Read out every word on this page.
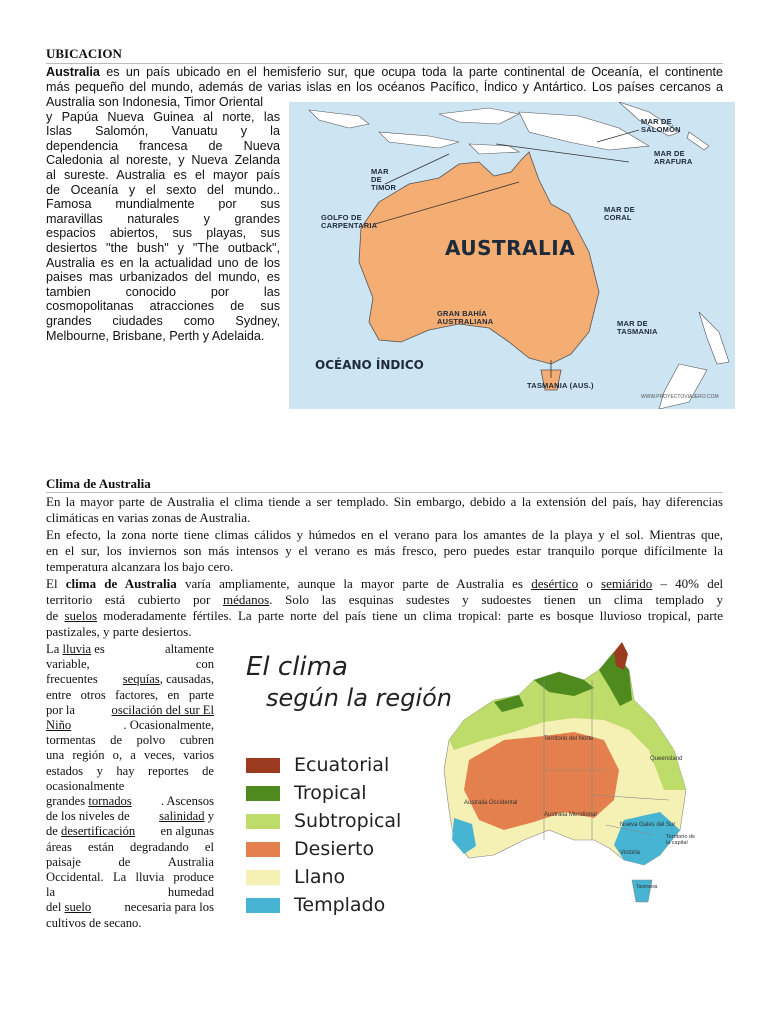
UBICACION
Australia es un país ubicado en el hemisferio sur, que ocupa toda la parte continental de Oceanía, el continente
más pequeño del mundo, además de varias islas en los océanos Pacífico, Índico y Antártico. Los países cercanos a
Australia son Indonesia, Timor Oriental
y Papúa Nueva Guinea al norte, las
Islas Salomón, Vanuatu y la
dependencia francesa de Nueva
Caledonia al noreste, y Nueva Zelanda
al sureste. Australia es el mayor país
de Oceanía y el sexto del mundo..
Famosa mundialmente por sus
maravillas naturales y grandes
espacios abiertos, sus playas, sus
desiertos "the bush" y "The outback",
Australia es en la actualidad uno de los
paises mas urbanizados del mundo, es
tambien conocido por las
cosmopolitanas atracciones de sus
grandes ciudades como Sydney,
Melbourne, Brisbane, Perth y Adelaida.
MAR DE
SALOMÓN
MAR DE
ARAFURA
MAR
DE
TIMOR
GOLFO DE
CARPENTARIA
MAR DE
CORAL
AUSTRALIA
GRAN BAHÍA
AUSTRALIANA	MAR DE
TASMANIA
OCÉANO ÍNDICO
TASMANIA (AUS.)
WWW.PROYECTOVIAJERO.COM
Clima de Australia
En la mayor parte de Australia el clima tiende a ser templado. Sin embargo, debido a la extensión del país, hay diferencias
climáticas en varias zonas de Australia.
En efecto, la zona norte tiene climas cálidos y húmedos en el verano para los amantes de la playa y el sol. Mientras que,
en el sur, los inviernos son más intensos y el verano es más fresco, pero puedes estar tranquilo porque difícilmente la
temperatura alcanzara los bajo cero.
El clima de Australia varía ampliamente, aunque la mayor parte de Australia es desértico o semiárido – 40% del
territorio está cubierto por médanos. Solo las esquinas sudestes y sudoestes tienen un clima templado y
de suelos moderadamente fértiles. La parte norte del país tiene un clima tropical: parte es bosque lluvioso tropical, parte
pastizales, y parte desiertos.
La lluvia es	altamente
variable,	con
frecuentes sequías, causadas,
entre otros factores, en parte
por la	oscilación del sur El
Niño	. Ocasionalmente,
tormentas de polvo cubren
una región o, a veces, varios
estados y hay reportes de
ocasionalmente
grandes tornados . Ascensos
de los niveles de salinidad y
de desertificación en algunas
áreas están degradando el
paisaje	de	Australia
Occidental. La lluvia produce
la	humedad
del suelo	necesaria para los
cultivos de secano.
El clima
según la región
Ecuatorial
Tropical
Subtropical
Desierto
Llano
Templado
Territorio del Norte
Queensland
Australia Occidental
Australia Meridional
Nueva Gales del Sur
Territorio de
la capital
Victoria
Tasmania
